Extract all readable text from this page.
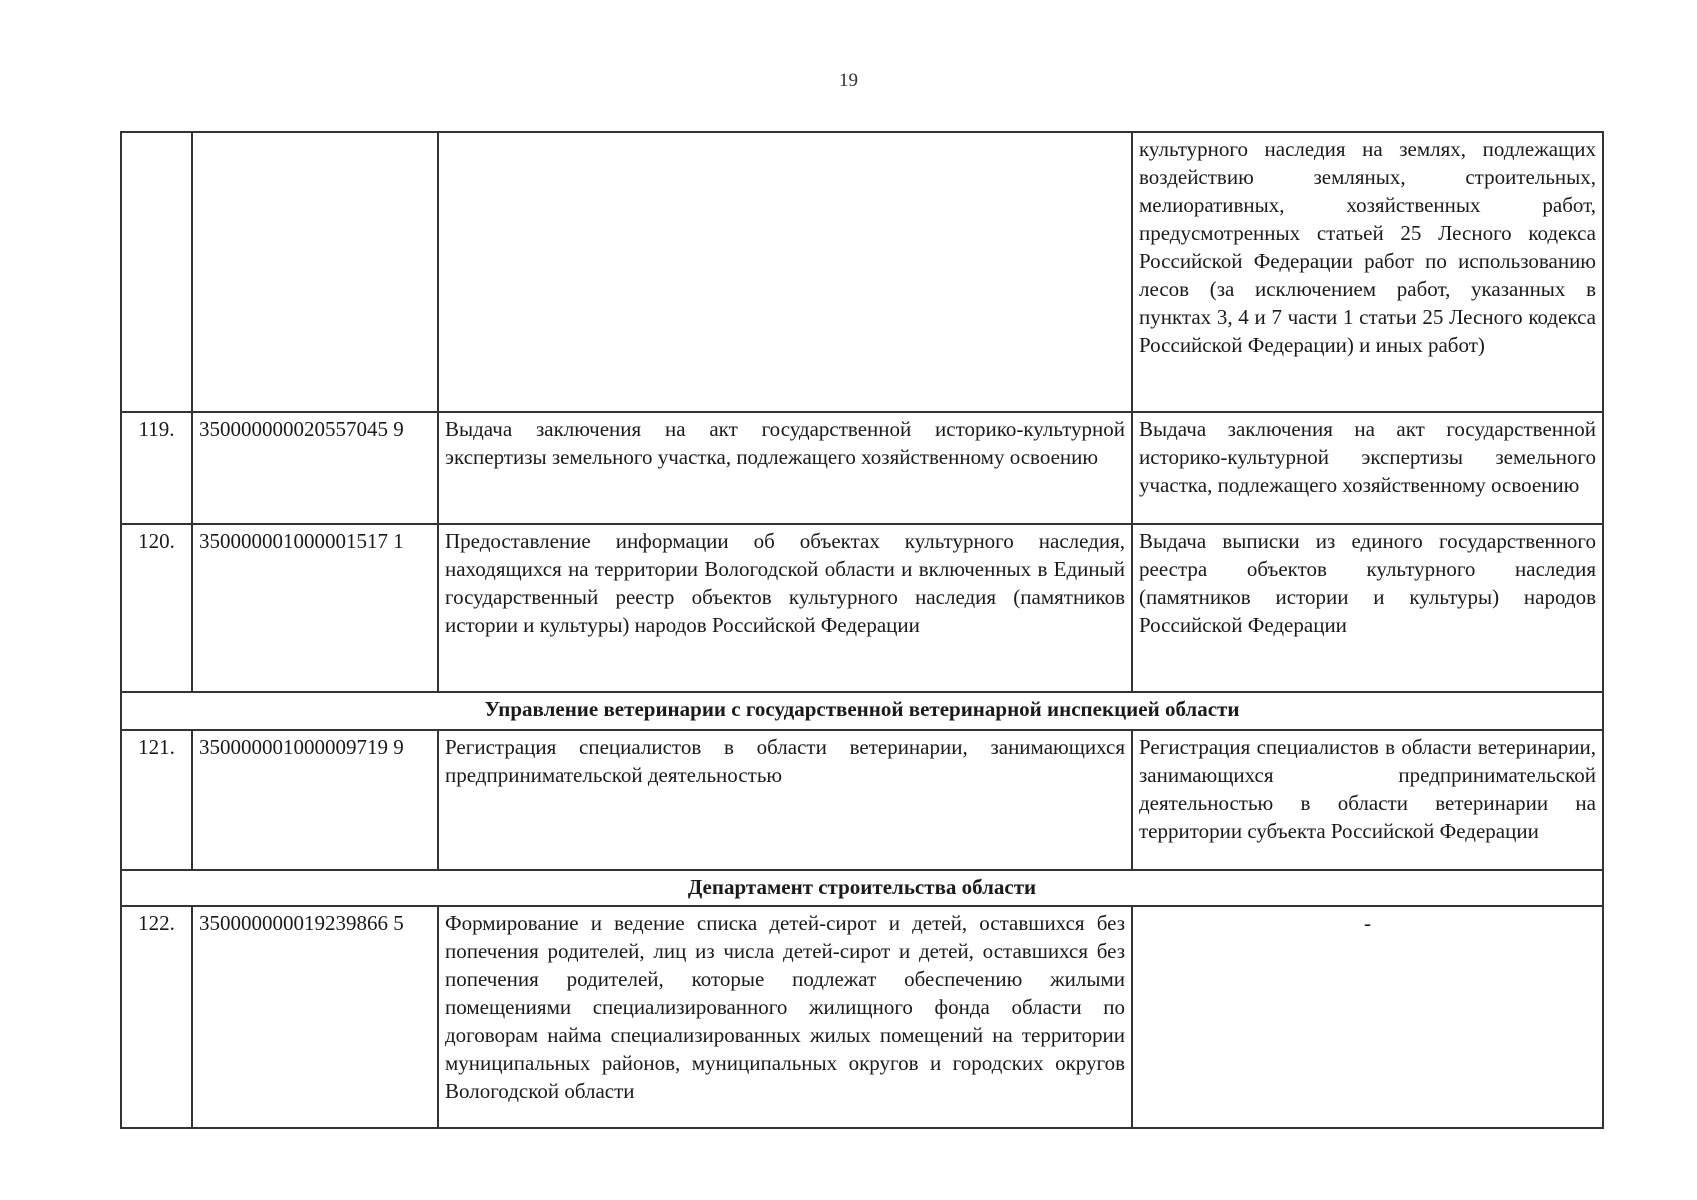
19
			культурного наследия на землях, подлежащих воздействию земляных, строительных, мелиоративных, хозяйственных работ, предусмотренных статьей 25 Лесного кодекса Российской Федерации работ по использованию лесов (за исключением работ, указанных в пунктах 3, 4 и 7 части 1 статьи 25 Лесного кодекса Российской Федерации) и иных работ)
119.	350000000020557045 9	Выдача заключения на акт государственной историко-культурной экспертизы земельного участка, подлежащего хозяйственному освоению	Выдача заключения на акт государственной историко-культурной экспертизы земельного участка, подлежащего хозяйственному освоению
120.	350000001000001517 1	Предоставление информации об объектах культурного наследия, находящихся на территории Вологодской области и включенных в Единый государственный реестр объектов культурного наследия (памятников истории и культуры) народов Российской Федерации	Выдача выписки из единого государственного реестра объектов культурного наследия (памятников истории и культуры) народов Российской Федерации
Управление ветеринарии с государственной ветеринарной инспекцией области			
121.	350000001000009719 9	Регистрация специалистов в области ветеринарии, занимающихся предпринимательской деятельностью	Регистрация специалистов в области ветеринарии, занимающихся предпринимательской деятельностью в области ветеринарии на территории субъекта Российской Федерации
Департамент строительства области			
122.	350000000019239866 5	Формирование и ведение списка детей-сирот и детей, оставшихся без попечения родителей, лиц из числа детей-сирот и детей, оставшихся без попечения родителей, которые подлежат обеспечению жилыми помещениями специализированного жилищного фонда области по договорам найма специализированных жилых помещений на территории муниципальных районов, муниципальных округов и городских округов Вологодской области	-
